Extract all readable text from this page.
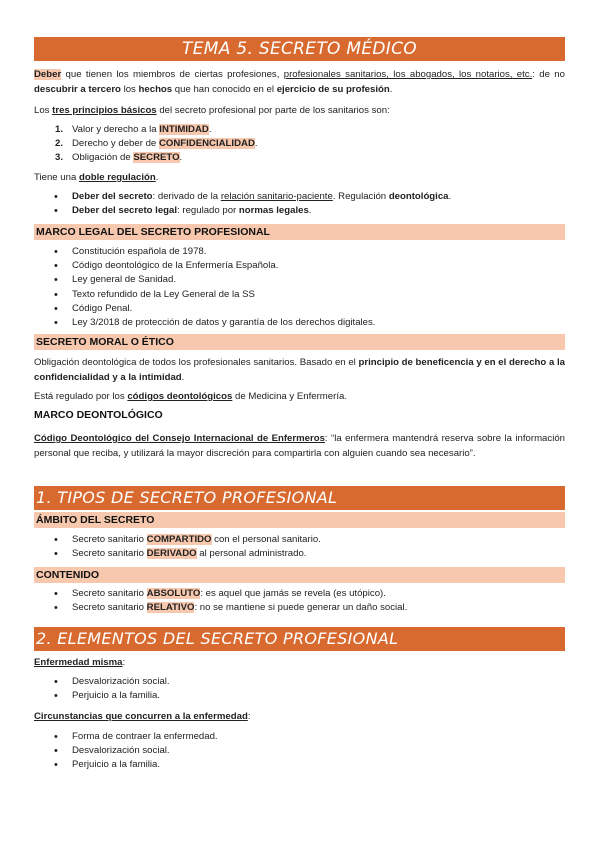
TEMA 5. SECRETO MÉDICO
Deber que tienen los miembros de ciertas profesiones, profesionales sanitarios, los abogados, los notarios, etc.: de no descubrir a tercero los hechos que han conocido en el ejercicio de su profesión.
Los tres principios básicos del secreto profesional por parte de los sanitarios son:
1. Valor y derecho a la INTIMIDAD.
2. Derecho y deber de CONFIDENCIALIDAD.
3. Obligación de SECRETO.
Tiene una doble regulación.
• Deber del secreto: derivado de la relación sanitario-paciente. Regulación deontológica.
• Deber del secreto legal: regulado por normas legales.
MARCO LEGAL DEL SECRETO PROFESIONAL
• Constitución española de 1978.
• Código deontológico de la Enfermería Española.
• Ley general de Sanidad.
• Texto refundido de la Ley General de la SS
• Código Penal.
• Ley 3/2018 de protección de datos y garantía de los derechos digitales.
SECRETO MORAL O ÉTICO
Obligación deontológica de todos los profesionales sanitarios. Basado en el principio de beneficencia y en el derecho a la confidencialidad y a la intimidad.
Está regulado por los códigos deontológicos de Medicina y Enfermería.
MARCO DEONTOLÓGICO
Código Deontológico del Consejo Internacional de Enfermeros: “la enfermera mantendrá reserva sobre la información personal que reciba, y utilizará la mayor discreción para compartirla con alguien cuando sea necesario”.
1. TIPOS DE SECRETO PROFESIONAL
ÁMBITO DEL SECRETO
• Secreto sanitario COMPARTIDO con el personal sanitario.
• Secreto sanitario DERIVADO al personal administrado.
CONTENIDO
• Secreto sanitario ABSOLUTO: es aquel que jamás se revela (es utópico).
• Secreto sanitario RELATIVO: no se mantiene si puede generar un daño social.
2. ELEMENTOS DEL SECRETO PROFESIONAL
Enfermedad misma:
• Desvalorización social.
• Perjuicio a la familia.
Circunstancias que concurren a la enfermedad:
• Forma de contraer la enfermedad.
• Desvalorización social.
• Perjuicio a la familia.
